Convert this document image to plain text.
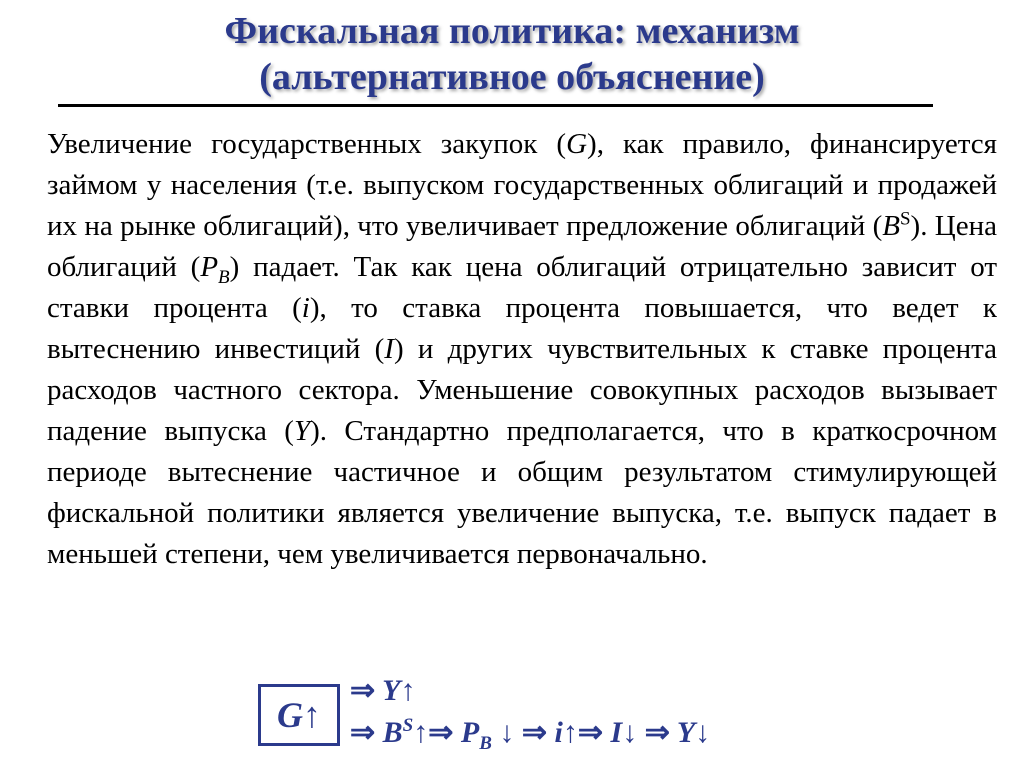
Фискальная политика: механизм
(альтернативное объяснение)
Увеличение государственных закупок (G), как правило, финансируется займом у населения (т.е. выпуском государственных облигаций и продажей их на рынке облигаций), что увеличивает предложение облигаций $(B^S)$. Цена облигаций $(P_B)$ падает. Так как цена облигаций отрицательно зависит от ставки процента (i), то ставка процента повышается, что ведет к вытеснению инвестиций (I) и других чувствительных к ставке процента расходов частного сектора. Уменьшение совокупных расходов вызывает падение выпуска (Y). Стандартно предполагается, что в краткосрочном периоде вытеснение частичное и общим результатом стимулирующей фискальной политики является увеличение выпуска, т.е. выпуск падает в меньшей степени, чем увеличивается первоначально.
G ↑
⇒ Y↑
⇒ $B^S↑\Rightarrow$ $P_B$ ↓ ⇒ i↑⇒ I↓ ⇒ Y↓
